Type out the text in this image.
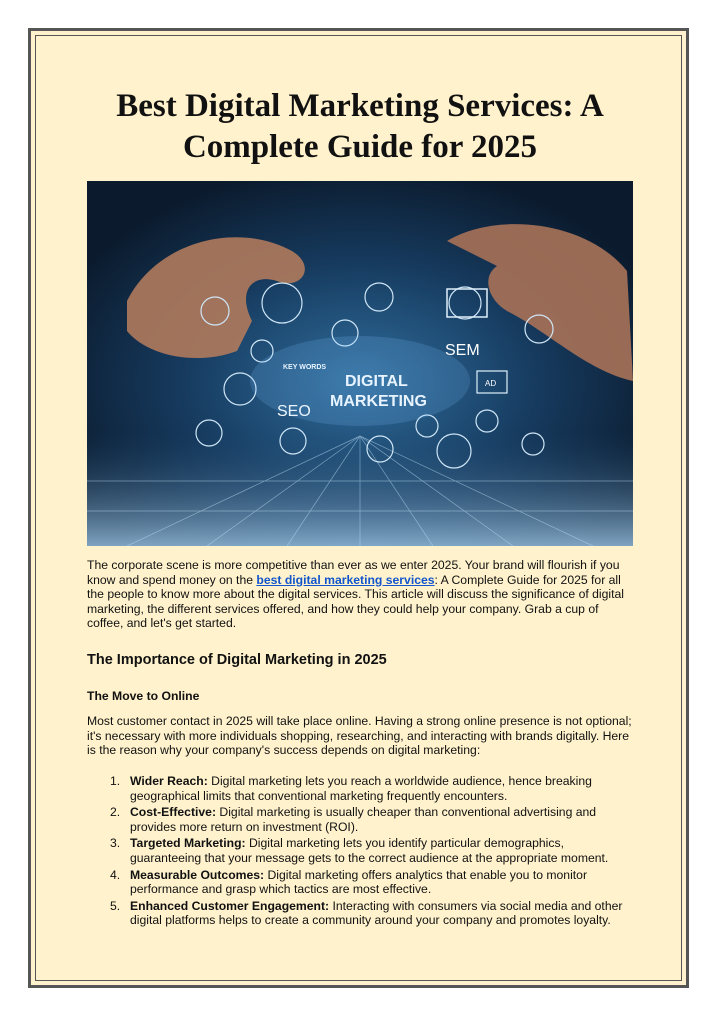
Best Digital Marketing Services: A Complete Guide for 2025
KEY WORDS
DIGITAL
MARKETING
SEO
SEM
AD

The corporate scene is more competitive than ever as we enter 2025. Your brand will flourish if you know and spend money on the best digital marketing services: A Complete Guide for 2025 for all the people to know more about the digital services. This article will discuss the significance of digital marketing, the different services offered, and how they could help your company. Grab a cup of coffee, and let's get started.

The Importance of Digital Marketing in 2025
The Move to Online

Most customer contact in 2025 will take place online. Having a strong online presence is not optional; it's necessary with more individuals shopping, researching, and interacting with brands digitally. Here is the reason why your company's success depends on digital marketing:

1. Wider Reach: Digital marketing lets you reach a worldwide audience, hence breaking geographical limits that conventional marketing frequently encounters.
2. Cost-Effective: Digital marketing is usually cheaper than conventional advertising and provides more return on investment (ROI).
3. Targeted Marketing: Digital marketing lets you identify particular demographics, guaranteeing that your message gets to the correct audience at the appropriate moment.
4. Measurable Outcomes: Digital marketing offers analytics that enable you to monitor performance and grasp which tactics are most effective.
5. Enhanced Customer Engagement: Interacting with consumers via social media and other digital platforms helps to create a community around your company and promotes loyalty.
